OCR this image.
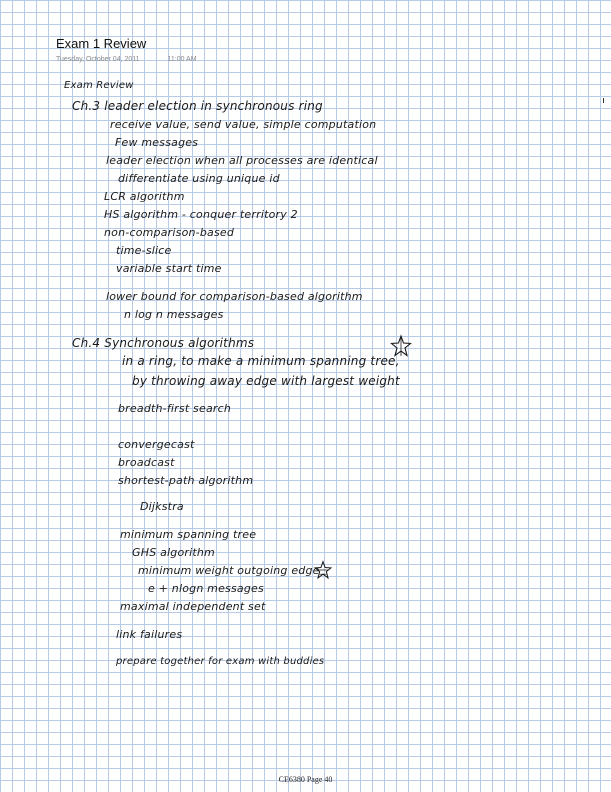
Exam 1 Review
Tuesday, October 04, 2011	11:00 AM
Exam Review
Ch.3 leader election in synchronous ring
receive value, send value, simple computation
Few messages
leader election when all processes are identical
differentiate using unique id
LCR algorithm
HS algorithm - conquer territory 2
non-comparison-based
time-slice
variable start time
lower bound for comparison-based algorithm
n log n messages
Ch.4 Synchronous algorithms
in a ring, to make a minimum spanning tree,
by throwing away edge with largest weight
breadth-first search
convergecast
broadcast
shortest-path algorithm
Dijkstra
minimum spanning tree
GHS algorithm
minimum weight outgoing edge
e + nlogn messages
maximal independent set
link failures
prepare together for exam with buddies
CE6380 Page 40
